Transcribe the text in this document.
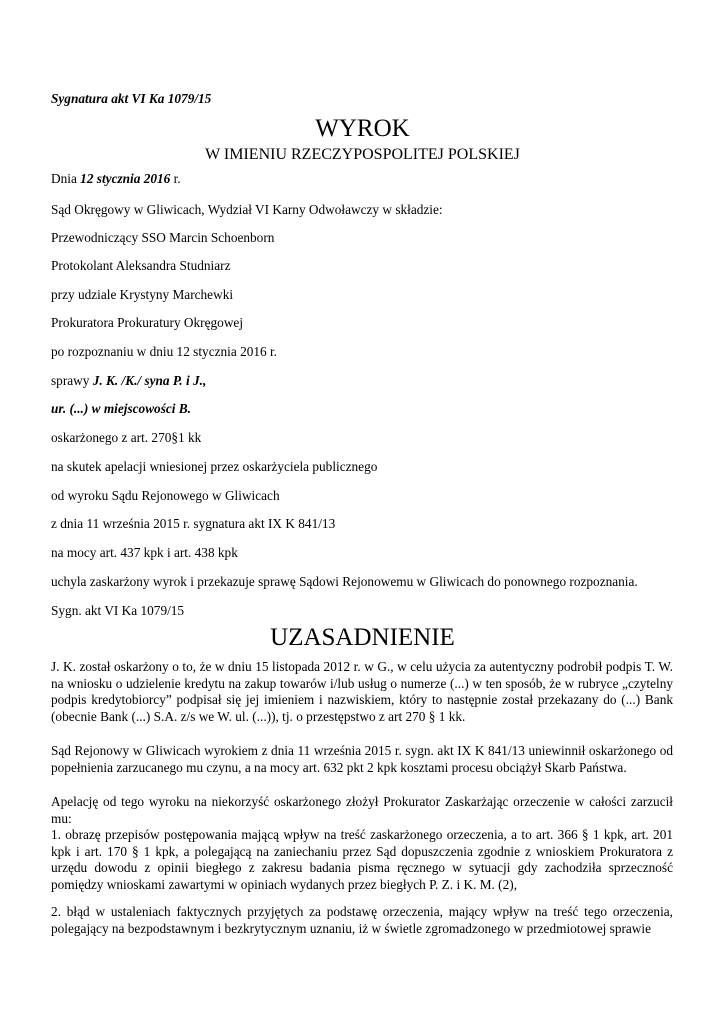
Sygnatura akt VI Ka 1079/15
WYROK
W IMIENIU RZECZYPOSPOLITEJ POLSKIEJ
Dnia 12 stycznia 2016 r.
Sąd Okręgowy w Gliwicach, Wydział VI Karny Odwoławczy w składzie:
Przewodniczący SSO Marcin Schoenborn
Protokolant Aleksandra Studniarz
przy udziale Krystyny Marchewki
Prokuratora Prokuratury Okręgowej
po rozpoznaniu w dniu 12 stycznia 2016 r.
sprawy J. K. /K./ syna P. i J.,
ur. (...) w miejscowości B.
oskarżonego z art. 270§1 kk
na skutek apelacji wniesionej przez oskarżyciela publicznego
od wyroku Sądu Rejonowego w Gliwicach
z dnia 11 września 2015 r. sygnatura akt IX K 841/13
na mocy art. 437 kpk i art. 438 kpk
uchyla zaskarżony wyrok i przekazuje sprawę Sądowi Rejonowemu w Gliwicach do ponownego rozpoznania.
Sygn. akt VI Ka 1079/15
UZASADNIENIE
J. K. został oskarżony o to, że w dniu 15 listopada 2012 r. w G., w celu użycia za autentyczny podrobił podpis T. W. na wniosku o udzielenie kredytu na zakup towarów i/lub usług o numerze (...) w ten sposób, że w rubryce „czytelny podpis kredytobiorcy” podpisał się jej imieniem i nazwiskiem, który to następnie został przekazany do (...) Bank (obecnie Bank (...) S.A. z/s we W. ul. (...)), tj. o przestępstwo z art 270 § 1 kk.
Sąd Rejonowy w Gliwicach wyrokiem z dnia 11 września 2015 r. sygn. akt IX K 841/13 uniewinnił oskarżonego od popełnienia zarzucanego mu czynu, a na mocy art. 632 pkt 2 kpk kosztami procesu obciążył Skarb Państwa.
Apelację od tego wyroku na niekorzyść oskarżonego złożył Prokurator Zaskarżając orzeczenie w całości zarzucił mu:
1. obrazę przepisów postępowania mającą wpływ na treść zaskarżonego orzeczenia, a to art. 366 § 1 kpk, art. 201 kpk i art. 170 § 1 kpk, a polegającą na zaniechaniu przez Sąd dopuszczenia zgodnie z wnioskiem Prokuratora z urzędu dowodu z opinii biegłego z zakresu badania pisma ręcznego w sytuacji gdy zachodziła sprzeczność pomiędzy wnioskami zawartymi w opiniach wydanych przez biegłych P. Z. i K. M. (2),
2. błąd w ustaleniach faktycznych przyjętych za podstawę orzeczenia, mający wpływ na treść tego orzeczenia, polegający na bezpodstawnym i bezkrytycznym uznaniu, iż w świetle zgromadzonego w przedmiotowej sprawie
